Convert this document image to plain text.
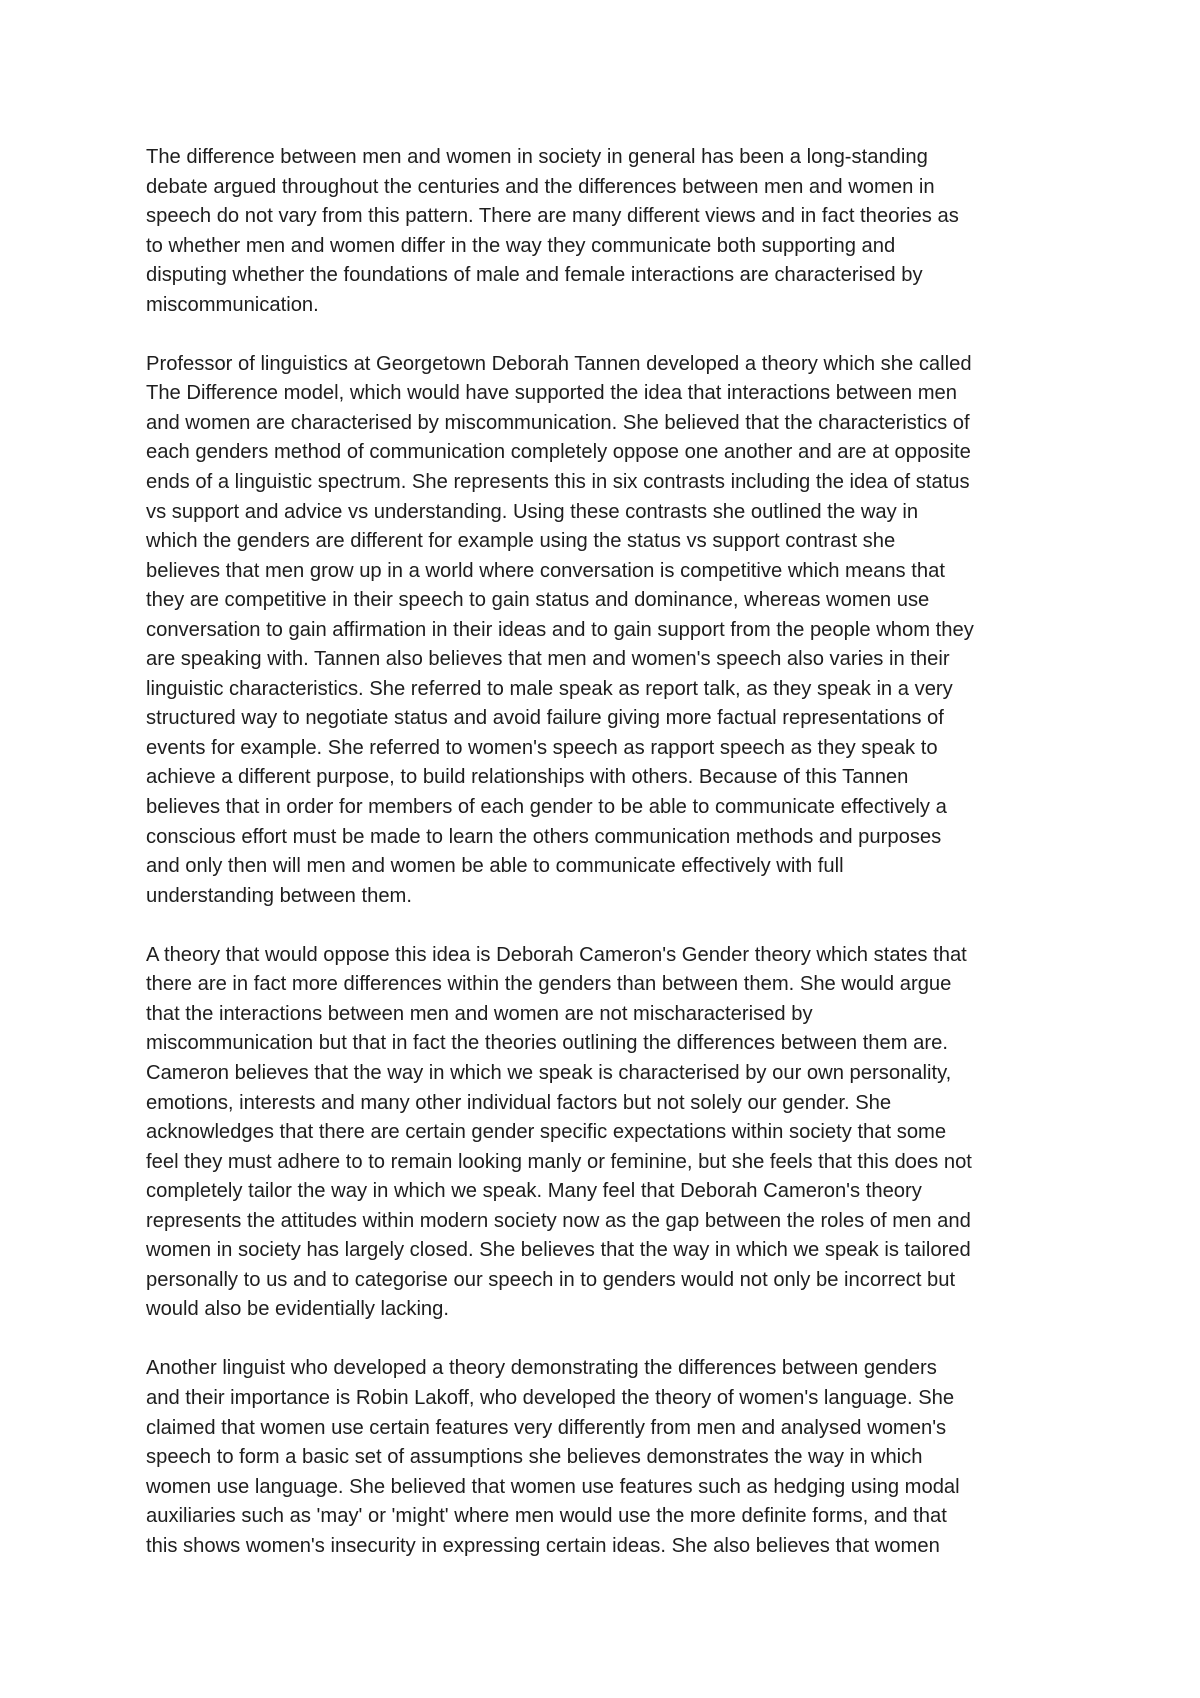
The difference between men and women in society in general has been a long-standing
debate argued throughout the centuries and the differences between men and women in
speech do not vary from this pattern. There are many different views and in fact theories as
to whether men and women differ in the way they communicate both supporting and
disputing whether the foundations of male and female interactions are characterised by
miscommunication.
Professor of linguistics at Georgetown Deborah Tannen developed a theory which she called
The Difference model, which would have supported the idea that interactions between men
and women are characterised by miscommunication. She believed that the characteristics of
each genders method of communication completely oppose one another and are at opposite
ends of a linguistic spectrum. She represents this in six contrasts including the idea of status
vs support and advice vs understanding. Using these contrasts she outlined the way in
which the genders are different for example using the status vs support contrast she
believes that men grow up in a world where conversation is competitive which means that
they are competitive in their speech to gain status and dominance, whereas women use
conversation to gain affirmation in their ideas and to gain support from the people whom they
are speaking with. Tannen also believes that men and women's speech also varies in their
linguistic characteristics. She referred to male speak as report talk, as they speak in a very
structured way to negotiate status and avoid failure giving more factual representations of
events for example. She referred to women's speech as rapport speech as they speak to
achieve a different purpose, to build relationships with others. Because of this Tannen
believes that in order for members of each gender to be able to communicate effectively a
conscious effort must be made to learn the others communication methods and purposes
and only then will men and women be able to communicate effectively with full
understanding between them.
A theory that would oppose this idea is Deborah Cameron's Gender theory which states that
there are in fact more differences within the genders than between them. She would argue
that the interactions between men and women are not mischaracterised by
miscommunication but that in fact the theories outlining the differences between them are.
Cameron believes that the way in which we speak is characterised by our own personality,
emotions, interests and many other individual factors but not solely our gender. She
acknowledges that there are certain gender specific expectations within society that some
feel they must adhere to to remain looking manly or feminine, but she feels that this does not
completely tailor the way in which we speak. Many feel that Deborah Cameron's theory
represents the attitudes within modern society now as the gap between the roles of men and
women in society has largely closed. She believes that the way in which we speak is tailored
personally to us and to categorise our speech in to genders would not only be incorrect but
would also be evidentially lacking.
Another linguist who developed a theory demonstrating the differences between genders
and their importance is Robin Lakoff, who developed the theory of women's language. She
claimed that women use certain features very differently from men and analysed women's
speech to form a basic set of assumptions she believes demonstrates the way in which
women use language. She believed that women use features such as hedging using modal
auxiliaries such as 'may' or 'might' where men would use the more definite forms, and that
this shows women's insecurity in expressing certain ideas. She also believes that women
